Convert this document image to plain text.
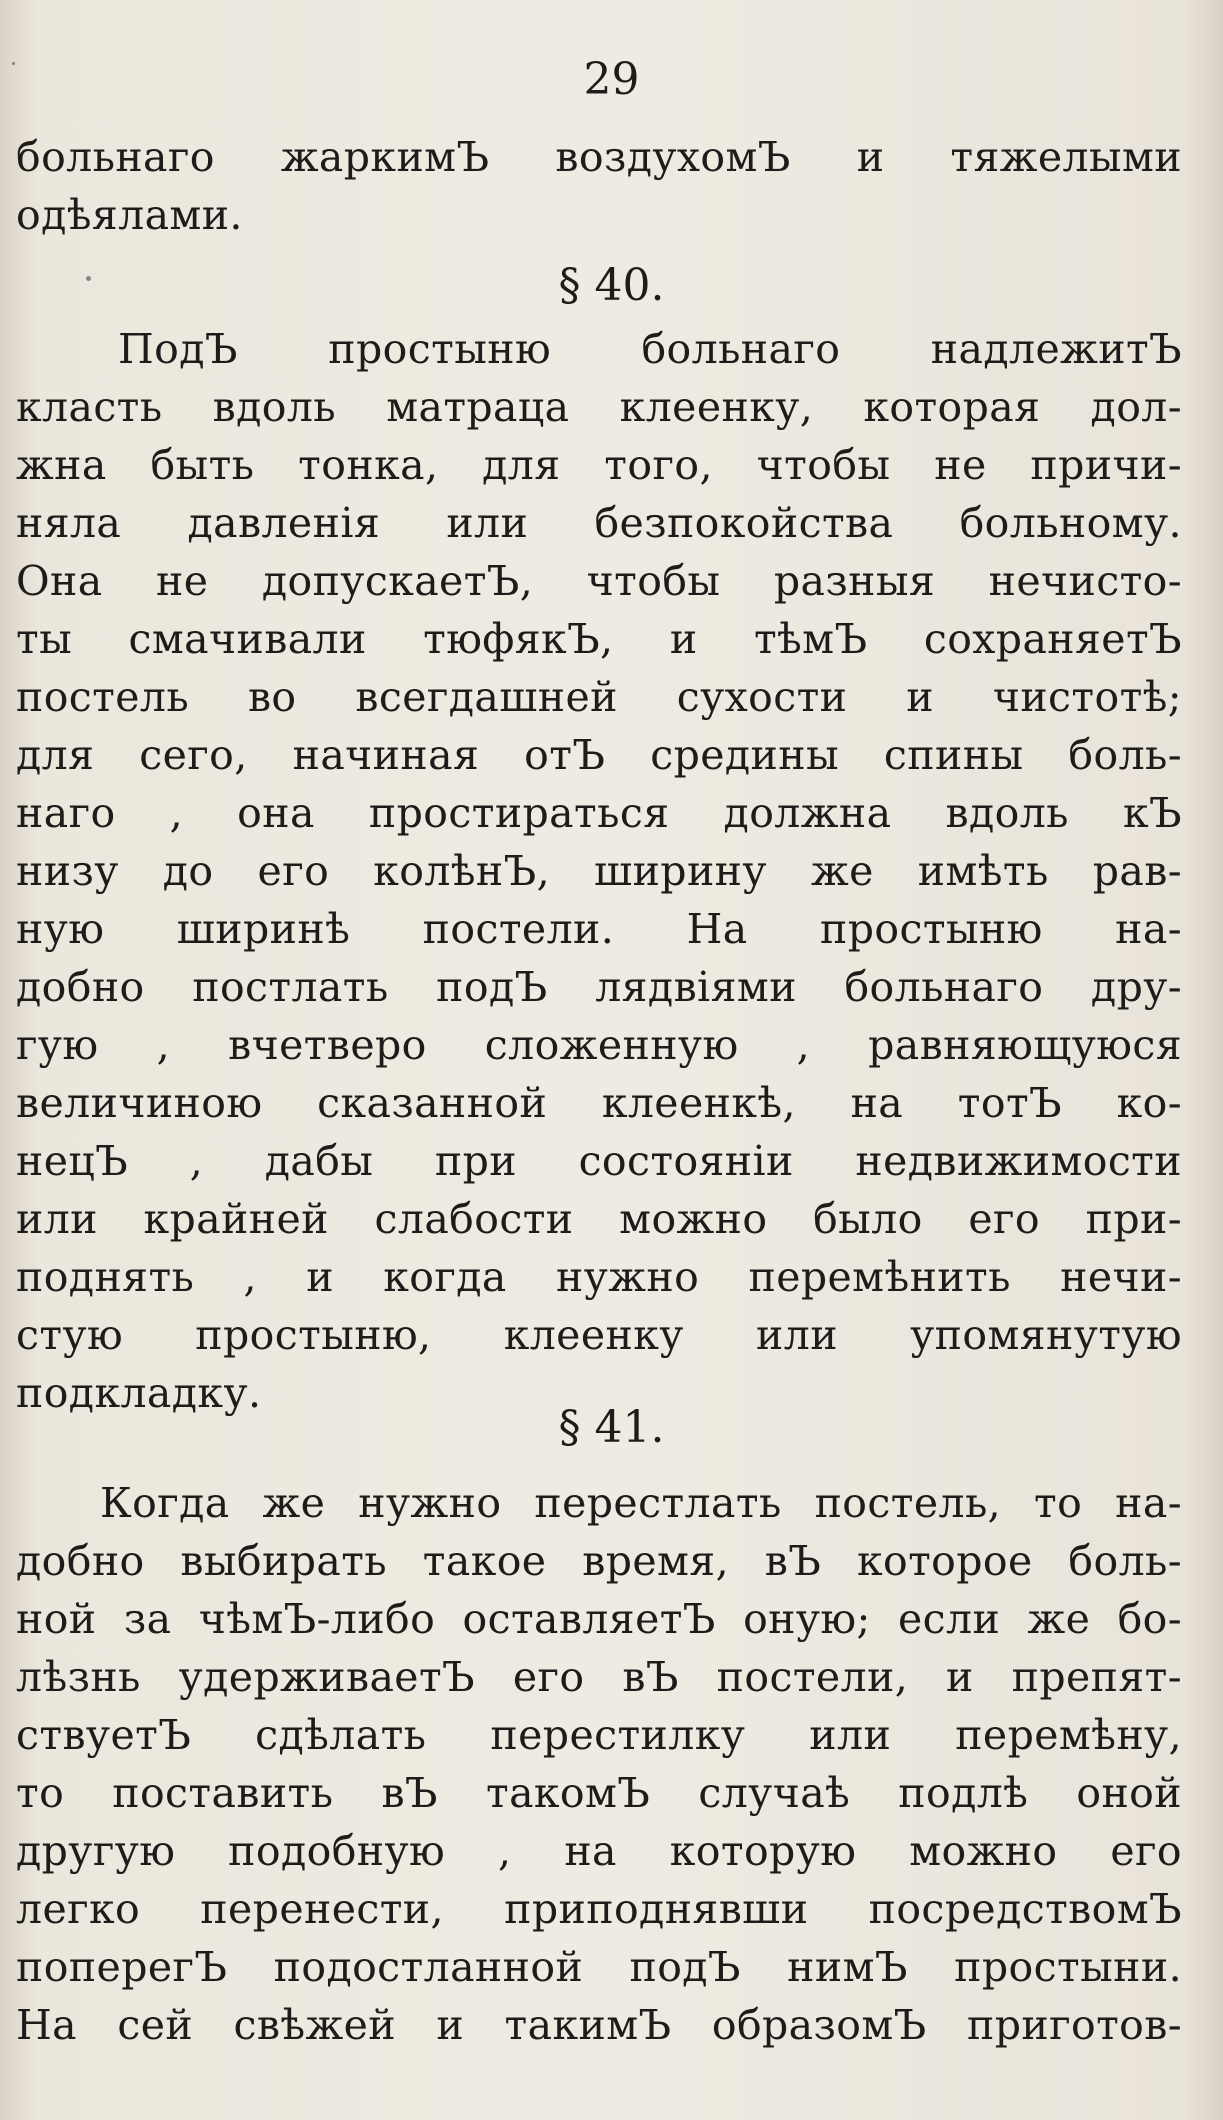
29
больнаго жаркимЪ воздухомЪ и тяжелыми
одѣялами.
§ 40.
ПодЪ простыню больнаго надлежитЪ
класть вдоль матраца клеенку, которая дол-
жна быть тонка, для того, чтобы не причи-
няла давленія или безпокойства больному.
Она не допускаетЪ, чтобы разныя нечисто-
ты смачивали тюфякЪ, и тѣмЪ сохраняетЪ
постель во всегдашней сухости и чистотѣ;
для сего, начиная отЪ средины спины боль-
наго , она простираться должна вдоль кЪ
низу до его колѣнЪ, ширину же имѣть рав-
ную ширинѣ постели. На простыню на-
добно постлать подЪ лядвіями больнаго дру-
гую , вчетверо сложенную , равняющуюся
величиною сказанной клеенкѣ, на тотЪ ко-
нецЪ , дабы при состояніи недвижимости
или крайней слабости можно было его при-
поднять , и когда нужно перемѣнить нечи-
стую простыню, клеенку или упомянутую
подкладку.
§ 41.
Когда же нужно перестлать постель, то на-
добно выбирать такое время, вЪ которое боль-
ной за чѣмЪ-либо оставляетЪ оную; если же бо-
лѣзнь удерживаетЪ его вЪ постели, и препят-
ствуетЪ сдѣлать перестилку или перемѣну,
то поставить вЪ такомЪ случаѣ подлѣ оной
другую подобную , на которую можно его
легко перенести, приподнявши посредствомЪ
поперегЪ подостланной подЪ нимЪ простыни.
На сей свѣжей и такимЪ образомЪ приготов-
